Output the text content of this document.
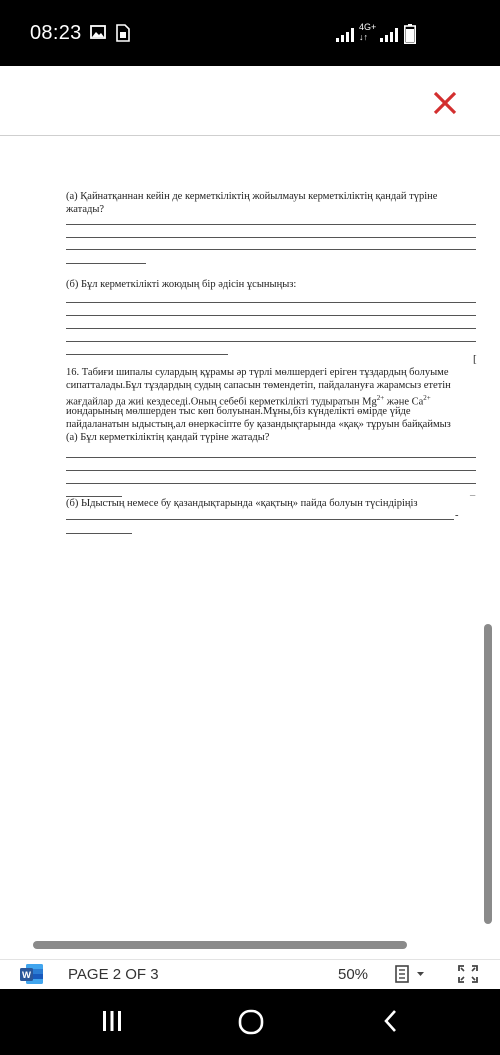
08:23	4G+
↓↑
(а) Қайнатқаннан кейін де керметкіліктің жойылмауы керметкіліктің қандай түріне
жатады?
(б) Бұл керметкілікті жоюдың бір әдісін ұсыныңыз:
[
16. Табиғи шипалы сулардың құрамы әр түрлі мөлшердегі еріген тұздардың болуыме
сипатталады.Бұл тұздардың судың сапасын төмендетіп, пайдалануға жарамсыз ететін
жағдайлар да жиі кездеседі.Оның себебі керметкілікті тудыратын $Mg^{2+}$ және $Ca^{2+}$
иондарының мөлшерден тыс көп болуынан.Мұны,біз күнделікті өмірде үйде
пайдаланатын ыдыстың,ал өнеркәсіпте бу қазандықтарында «қақ» тұруын байқаймыз
(а) Бұл керметкіліктің қандай түріне жатады?
_
(б) Ыдыстың немесе бу қазандықтарында «қақтың» пайда болуын түсіндіріңіз
-
W PAGE 2 OF 3	50%
